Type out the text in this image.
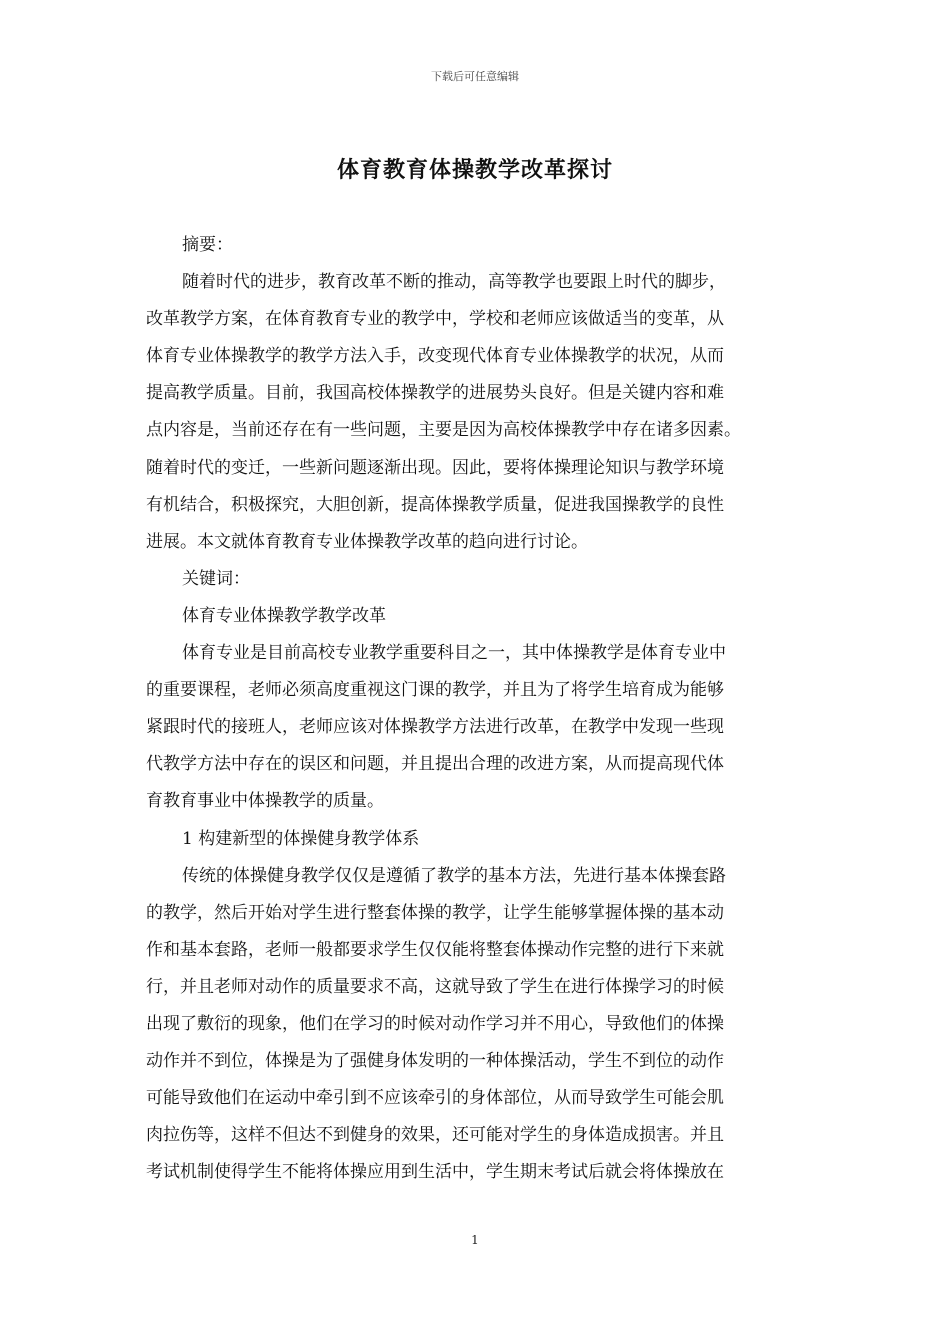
下载后可任意编辑
体育教育体操教学改革探讨

摘要：

随着时代的进步，教育改革不断的推动，高等教学也要跟上时代的脚步，

改革教学方案，在体育教育专业的教学中，学校和老师应该做适当的变革，从

体育专业体操教学的教学方法入手，改变现代体育专业体操教学的状况，从而

提高教学质量。目前，我国高校体操教学的进展势头良好。但是关键内容和难

点内容是，当前还存在有一些问题，主要是因为高校体操教学中存在诸多因素。

随着时代的变迁，一些新问题逐渐出现。因此，要将体操理论知识与教学环境

有机结合，积极探究，大胆创新，提高体操教学质量，促进我国操教学的良性

进展。本文就体育教育专业体操教学改革的趋向进行讨论。

关键词：

体育专业体操教学教学改革

体育专业是目前高校专业教学重要科目之一，其中体操教学是体育专业中

的重要课程，老师必须高度重视这门课的教学，并且为了将学生培育成为能够

紧跟时代的接班人，老师应该对体操教学方法进行改革，在教学中发现一些现

代教学方法中存在的误区和问题，并且提出合理的改进方案，从而提高现代体

育教育事业中体操教学的质量。

1 构建新型的体操健身教学体系

传统的体操健身教学仅仅是遵循了教学的基本方法，先进行基本体操套路

的教学，然后开始对学生进行整套体操的教学，让学生能够掌握体操的基本动

作和基本套路，老师一般都要求学生仅仅能将整套体操动作完整的进行下来就

行，并且老师对动作的质量要求不高，这就导致了学生在进行体操学习的时候

出现了敷衍的现象，他们在学习的时候对动作学习并不用心，导致他们的体操

动作并不到位，体操是为了强健身体发明的一种体操活动，学生不到位的动作

可能导致他们在运动中牵引到不应该牵引的身体部位，从而导致学生可能会肌

肉拉伤等，这样不但达不到健身的效果，还可能对学生的身体造成损害。并且

考试机制使得学生不能将体操应用到生活中，学生期末考试后就会将体操放在

1
